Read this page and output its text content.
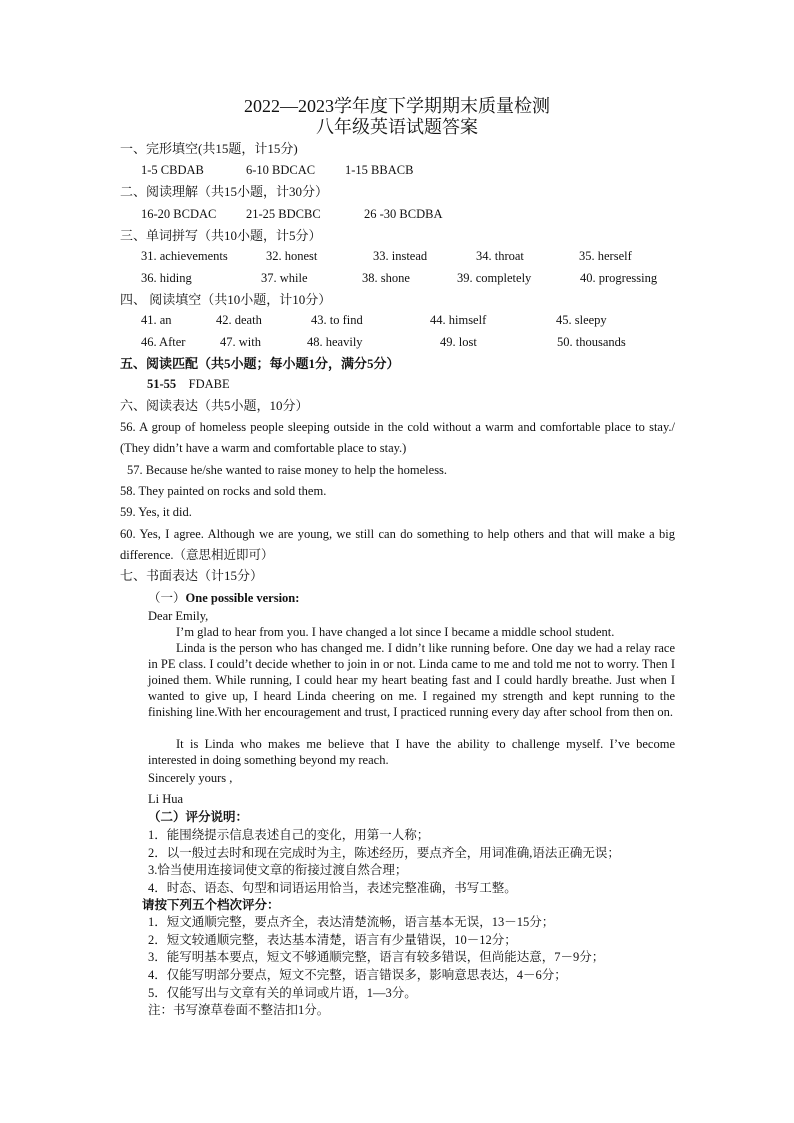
2022—2023学年度下学期期末质量检测
八年级英语试题答案
一、完形填空(共15题，计15分)
1-5 CBDAB	6-10 BDCAC 1-15 BBACB
二、阅读理解（共15小题，计30分）
16-20 BCDAC 21-25 BDCBC	26 -30 BCDBA
三、单词拼写（共10小题，计5分）
31. achievements	32. honest	33. instead	34. throat	35. herself
36. hiding	37. while	38. shone	39. completely	40. progressing
四、 阅读填空（共10小题，计10分）
41. an	42. death	43. to find	44. himself	45. sleepy
46. After	47. with	48. heavily	49. lost	50. thousands
五、阅读匹配（共5小题；每小题1分，满分5分）
51-55 FDABE
六、阅读表达（共5小题，10分）
56. A group of homeless people sleeping outside in the cold without a warm and comfortable place to stay./ (They didn’t have a warm and comfortable place to stay.)
57. Because he/she wanted to raise money to help the homeless.
58. They painted on rocks and sold them.
59. Yes, it did.
60. Yes, I agree. Although we are young, we still can do something to help others and that will make a big difference.（意思相近即可）
七、书面表达（计15分）
（一）One possible version:
Dear Emily,
I’m glad to hear from you. I have changed a lot since I became a middle school student.
Linda is the person who has changed me. I didn’t like running before. One day we had a relay race in PE class. I could’t decide whether to join in or not. Linda came to me and told me not to worry. Then I joined them. While running, I could hear my heart beating fast and I could hardly breathe. Just when I wanted to give up, I heard Linda cheering on me. I regained my strength and kept running to the finishing line.With her encouragement and trust, I practiced running every day after school from then on.
It is Linda who makes me believe that I have the ability to challenge myself. I’ve become interested in doing something beyond my reach.
Sincerely yours ,
Li Hua
（二）评分说明：
1．能围绕提示信息表述自己的变化，用第一人称；
2．以一般过去时和现在完成时为主，陈述经历，要点齐全，用词准确,语法正确无误；
3.恰当使用连接词使文章的衔接过渡自然合理；
4．时态、语态、句型和词语运用恰当，表述完整准确，书写工整。
请按下列五个档次评分：
1．短文通顺完整，要点齐全，表达清楚流畅，语言基本无误，13－15分；
2．短文较通顺完整，表达基本清楚，语言有少量错误，10－12分；
3．能写明基本要点，短文不够通顺完整，语言有较多错误，但尚能达意，7－9分；
4．仅能写明部分要点，短文不完整，语言错误多，影响意思表达，4－6分；
5．仅能写出与文章有关的单词或片语，1—3分。
注：书写潦草卷面不整洁扣1分。
